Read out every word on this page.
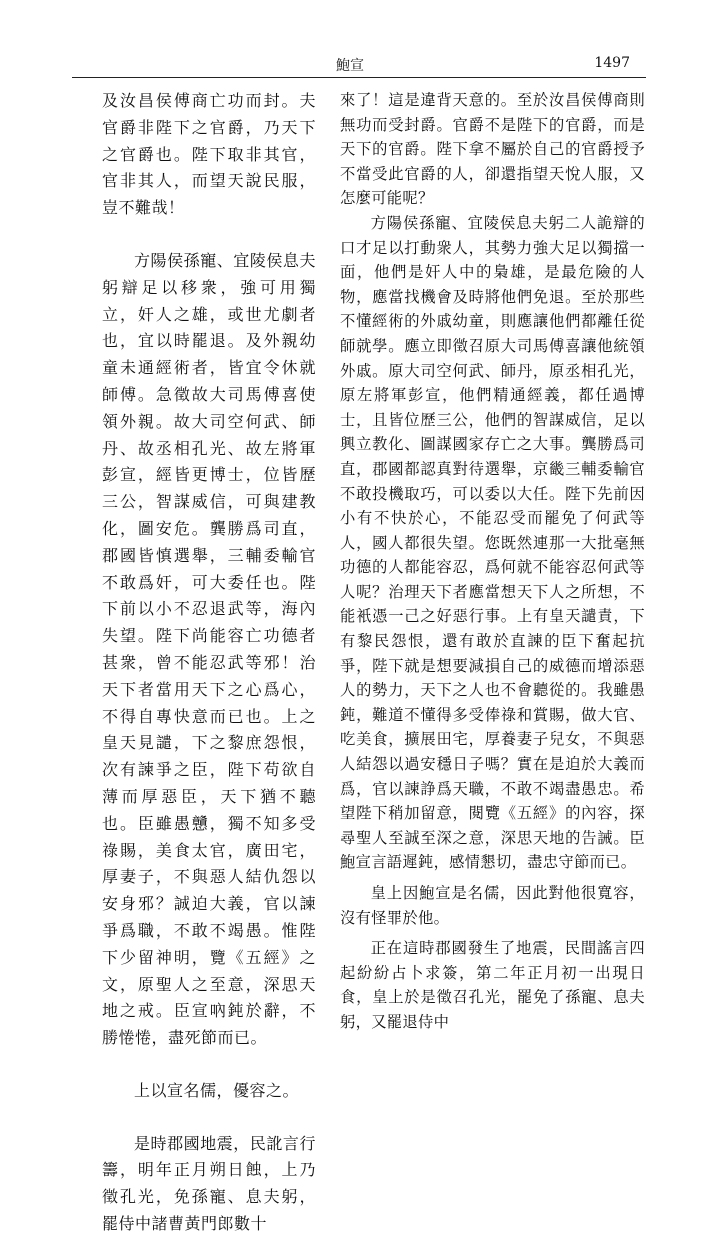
鮑宣	1497

及汝昌侯傅商亡功而封。夫官爵非陛下之官爵，乃天下之官爵也。陛下取非其官，官非其人，而望天說民服，豈不難哉！

方陽侯孫寵、宜陵侯息夫躬辯足以移衆，強可用獨立，奸人之雄，或世尤劇者也，宜以時罷退。及外親幼童未通經術者，皆宜令休就師傅。急徵故大司馬傅喜使領外親。故大司空何武、師丹、故丞相孔光、故左將軍彭宣，經皆更博士，位皆歷三公，智謀威信，可與建教化，圖安危。龔勝爲司直，郡國皆慎選舉，三輔委輸官不敢爲奸，可大委任也。陛下前以小不忍退武等，海內失望。陛下尚能容亡功德者甚衆，曾不能忍武等邪！治天下者當用天下之心爲心，不得自專快意而已也。上之皇天見譴，下之黎庶怨恨，次有諫爭之臣，陛下苟欲自薄而厚惡臣，天下猶不聽也。臣雖愚戇，獨不知多受祿賜，美食太官，廣田宅，厚妻子，不與惡人結仇怨以安身邪？誠迫大義，官以諫爭爲職，不敢不竭愚。惟陛下少留神明，覽《五經》之文，原聖人之至意，深思天地之戒。臣宣吶鈍於辭，不勝惓惓，盡死節而已。

上以宣名儒，優容之。

是時郡國地震，民訛言行籌，明年正月朔日蝕，上乃徵孔光，免孫寵、息夫躬，罷侍中諸曹黃門郎數十

來了！這是違背天意的。至於汝昌侯傅商則無功而受封爵。官爵不是陛下的官爵，而是天下的官爵。陛下拿不屬於自己的官爵授予不當受此官爵的人，卻還指望天悅人服，又怎麼可能呢？

方陽侯孫寵、宜陵侯息夫躬二人詭辯的口才足以打動衆人，其勢力強大足以獨擋一面，他們是奸人中的梟雄，是最危險的人物，應當找機會及時將他們免退。至於那些不懂經術的外戚幼童，則應讓他們都離任從師就學。應立即徵召原大司馬傅喜讓他統領外戚。原大司空何武、師丹，原丞相孔光，原左將軍彭宣，他們精通經義，都任過博士，且皆位歷三公，他們的智謀威信，足以興立教化、圖謀國家存亡之大事。龔勝爲司直，郡國都認真對待選舉，京畿三輔委輸官不敢投機取巧，可以委以大任。陛下先前因小有不快於心，不能忍受而罷免了何武等人，國人都很失望。您既然連那一大批毫無功德的人都能容忍，爲何就不能容忍何武等人呢？治理天下者應當想天下人之所想，不能衹憑一己之好惡行事。上有皇天譴責，下有黎民怨恨，還有敢於直諫的臣下奮起抗爭，陛下就是想要減損自己的威德而增添惡人的勢力，天下之人也不會聽從的。我雖愚鈍，難道不懂得多受俸祿和賞賜，做大官、吃美食，擴展田宅，厚養妻子兒女，不與惡人結怨以過安穩日子嗎？實在是迫於大義而爲，官以諫諍爲天職，不敢不竭盡愚忠。希望陛下稍加留意，閱覽《五經》的內容，探尋聖人至誠至深之意，深思天地的告誡。臣鮑宣言語遲鈍，感情懇切，盡忠守節而已。

皇上因鮑宣是名儒，因此對他很寬容，沒有怪罪於他。

正在這時郡國發生了地震，民間謠言四起紛紛占卜求簽，第二年正月初一出現日食，皇上於是徵召孔光，罷免了孫寵、息夫躬，又罷退侍中
